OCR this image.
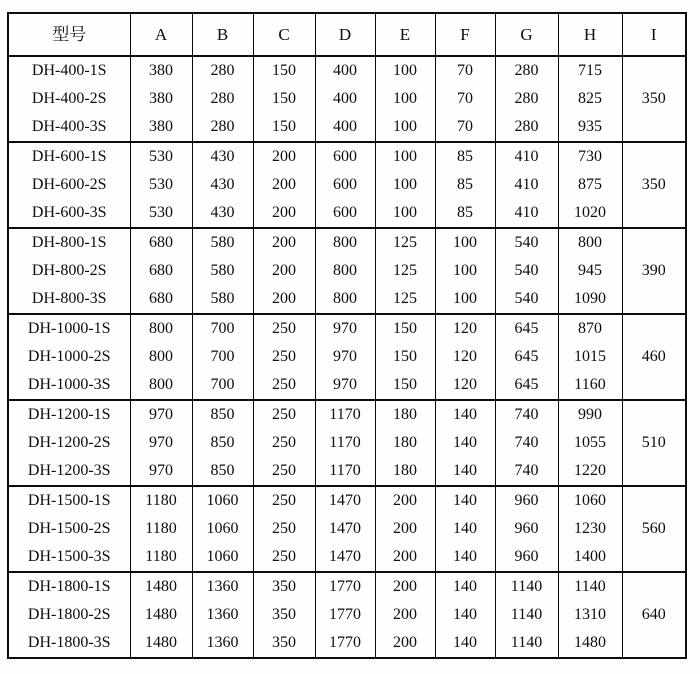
型号	A	B	C	D	E	F	G	H	I
DH-400-1S	380	280	150	400	100	70	280	715	350
DH-400-2S	380	280	150	400	100	70	280	825	
DH-400-3S	380	280	150	400	100	70	280	935	
DH-600-1S	530	430	200	600	100	85	410	730	350
DH-600-2S	530	430	200	600	100	85	410	875	
DH-600-3S	530	430	200	600	100	85	410	1020	
DH-800-1S	680	580	200	800	125	100	540	800	390
DH-800-2S	680	580	200	800	125	100	540	945	
DH-800-3S	680	580	200	800	125	100	540	1090	
DH-1000-1S	800	700	250	970	150	120	645	870	460
DH-1000-2S	800	700	250	970	150	120	645	1015	
DH-1000-3S	800	700	250	970	150	120	645	1160	
DH-1200-1S	970	850	250	1170	180	140	740	990	510
DH-1200-2S	970	850	250	1170	180	140	740	1055	
DH-1200-3S	970	850	250	1170	180	140	740	1220	
DH-1500-1S	1180	1060	250	1470	200	140	960	1060	560
DH-1500-2S	1180	1060	250	1470	200	140	960	1230	
DH-1500-3S	1180	1060	250	1470	200	140	960	1400	
DH-1800-1S	1480	1360	350	1770	200	140	1140	1140	640
DH-1800-2S	1480	1360	350	1770	200	140	1140	1310	
DH-1800-3S	1480	1360	350	1770	200	140	1140	1480	
